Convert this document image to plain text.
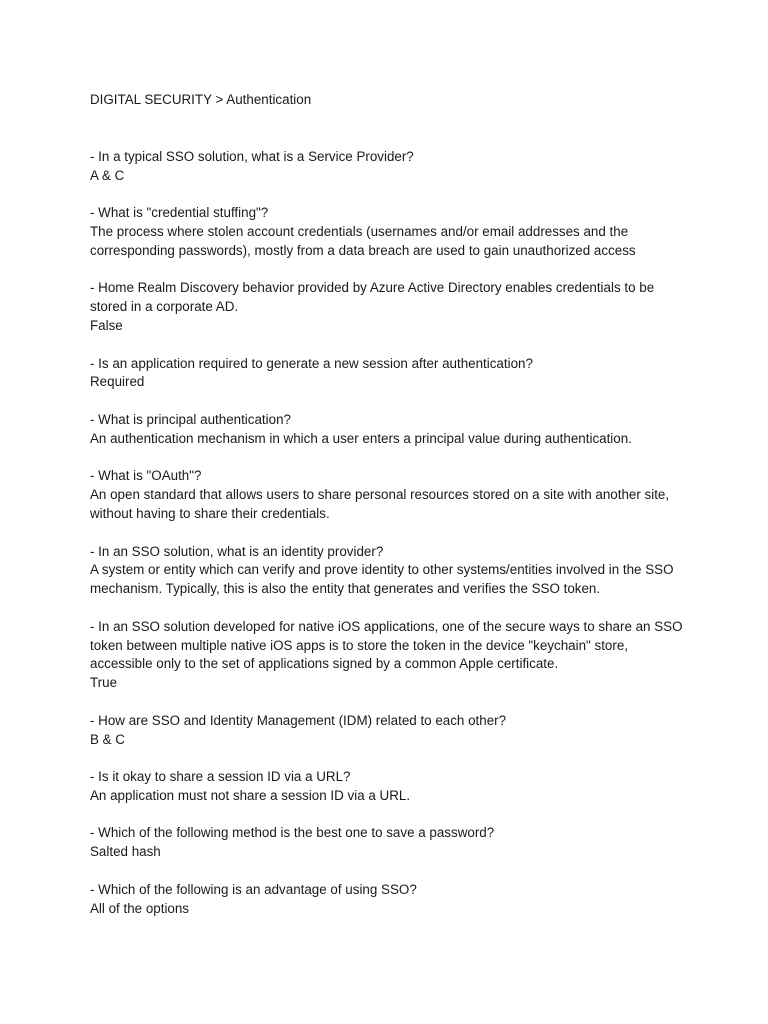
DIGITAL SECURITY > Authentication

- In a typical SSO solution, what is a Service Provider?

A & C

- What is "credential stuffing"?

The process where stolen account credentials (usernames and/or email addresses and the corresponding passwords), mostly from a data breach are used to gain unauthorized access

- Home Realm Discovery behavior provided by Azure Active Directory enables credentials to be stored in a corporate AD.

False

- Is an application required to generate a new session after authentication?

Required

- What is principal authentication?

An authentication mechanism in which a user enters a principal value during authentication.

- What is "OAuth"?

An open standard that allows users to share personal resources stored on a site with another site, without having to share their credentials.

- In an SSO solution, what is an identity provider?

A system or entity which can verify and prove identity to other systems/entities involved in the SSO mechanism. Typically, this is also the entity that generates and verifies the SSO token.

- In an SSO solution developed for native iOS applications, one of the secure ways to share an SSO token between multiple native iOS apps is to store the token in the device "keychain" store, accessible only to the set of applications signed by a common Apple certificate.

True

- How are SSO and Identity Management (IDM) related to each other?

B & C

- Is it okay to share a session ID via a URL?

An application must not share a session ID via a URL.

- Which of the following method is the best one to save a password?

Salted hash

- Which of the following is an advantage of using SSO?

All of the options
